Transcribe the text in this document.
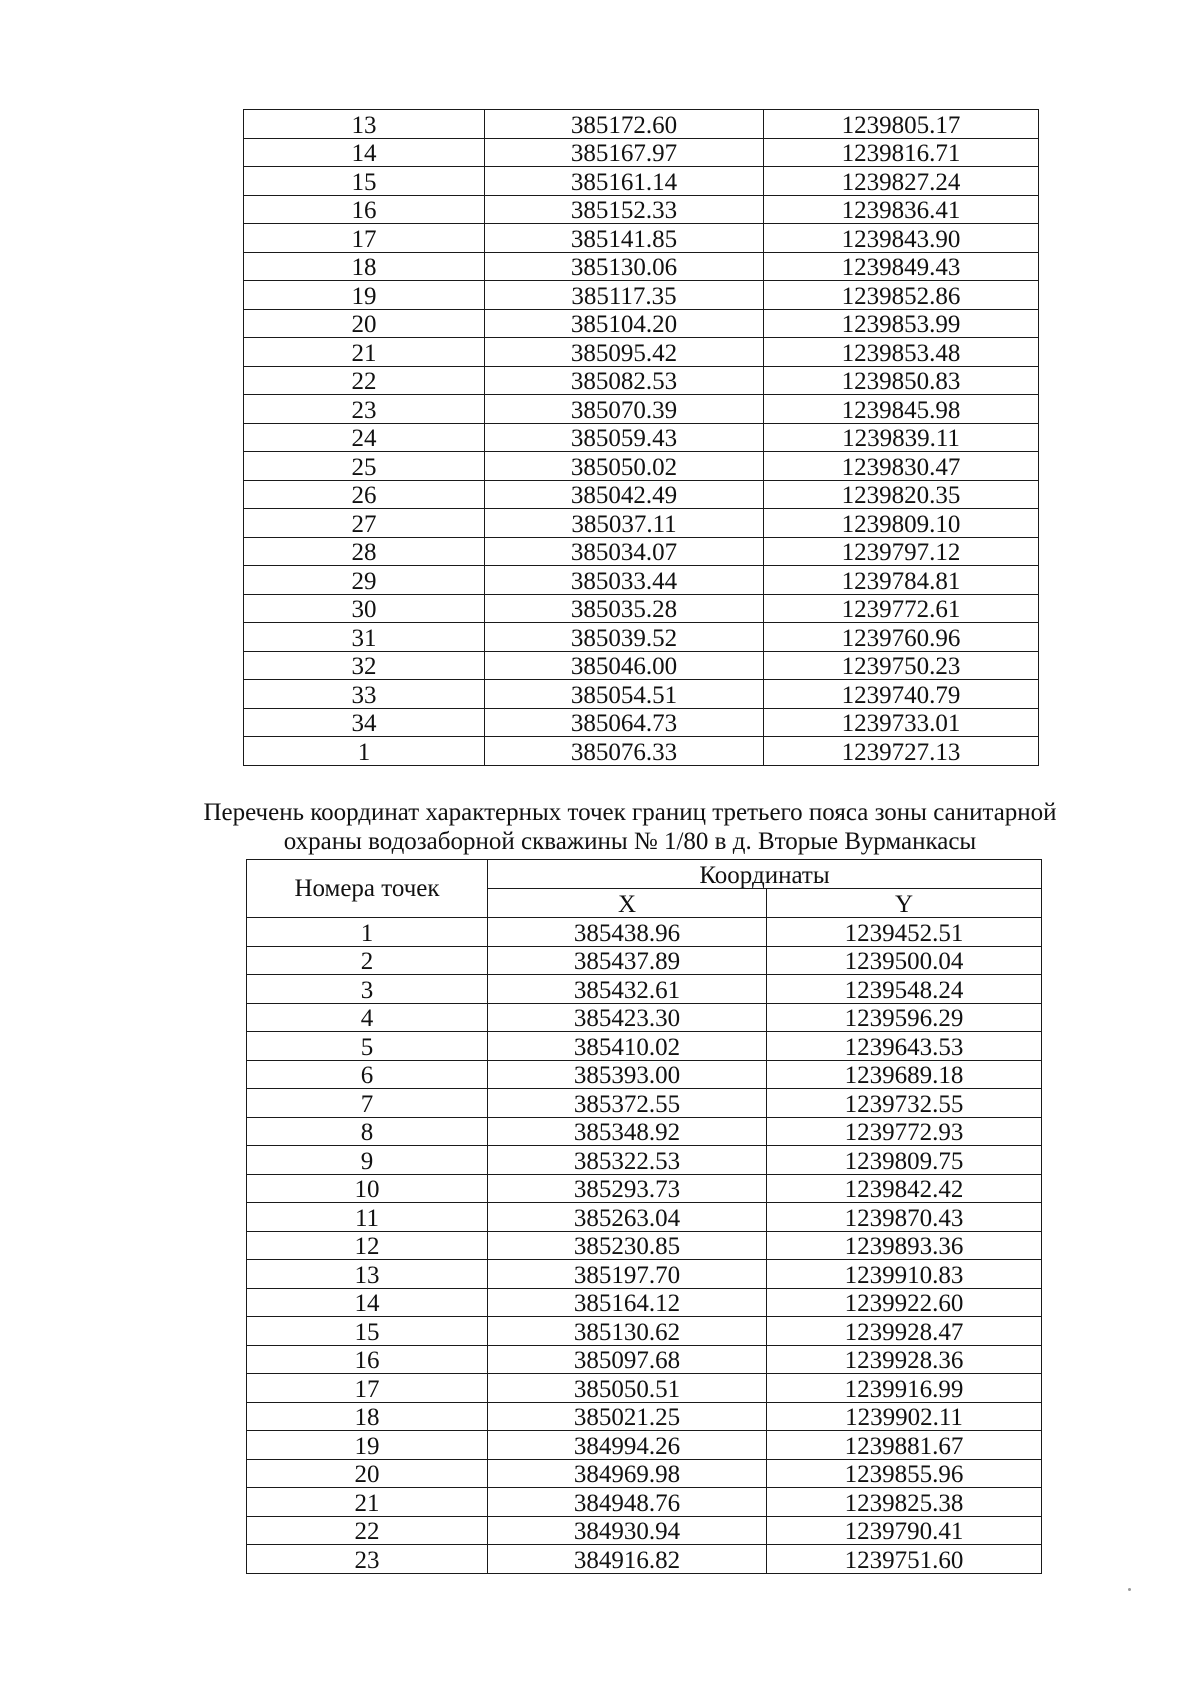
13	385172.60	1239805.17
14	385167.97	1239816.71
15	385161.14	1239827.24
16	385152.33	1239836.41
17	385141.85	1239843.90
18	385130.06	1239849.43
19	385117.35	1239852.86
20	385104.20	1239853.99
21	385095.42	1239853.48
22	385082.53	1239850.83
23	385070.39	1239845.98
24	385059.43	1239839.11
25	385050.02	1239830.47
26	385042.49	1239820.35
27	385037.11	1239809.10
28	385034.07	1239797.12
29	385033.44	1239784.81
30	385035.28	1239772.61
31	385039.52	1239760.96
32	385046.00	1239750.23
33	385054.51	1239740.79
34	385064.73	1239733.01
1	385076.33	1239727.13
Перечень координат характерных точек границ третьего пояса зоны санитарной
охраны водозаборной скважины № 1/80 в д. Вторые Вурманкасы
Номера точек	Координаты	
	X	Y
1	385438.96	1239452.51
2	385437.89	1239500.04
3	385432.61	1239548.24
4	385423.30	1239596.29
5	385410.02	1239643.53
6	385393.00	1239689.18
7	385372.55	1239732.55
8	385348.92	1239772.93
9	385322.53	1239809.75
10	385293.73	1239842.42
11	385263.04	1239870.43
12	385230.85	1239893.36
13	385197.70	1239910.83
14	385164.12	1239922.60
15	385130.62	1239928.47
16	385097.68	1239928.36
17	385050.51	1239916.99
18	385021.25	1239902.11
19	384994.26	1239881.67
20	384969.98	1239855.96
21	384948.76	1239825.38
22	384930.94	1239790.41
23	384916.82	1239751.60
